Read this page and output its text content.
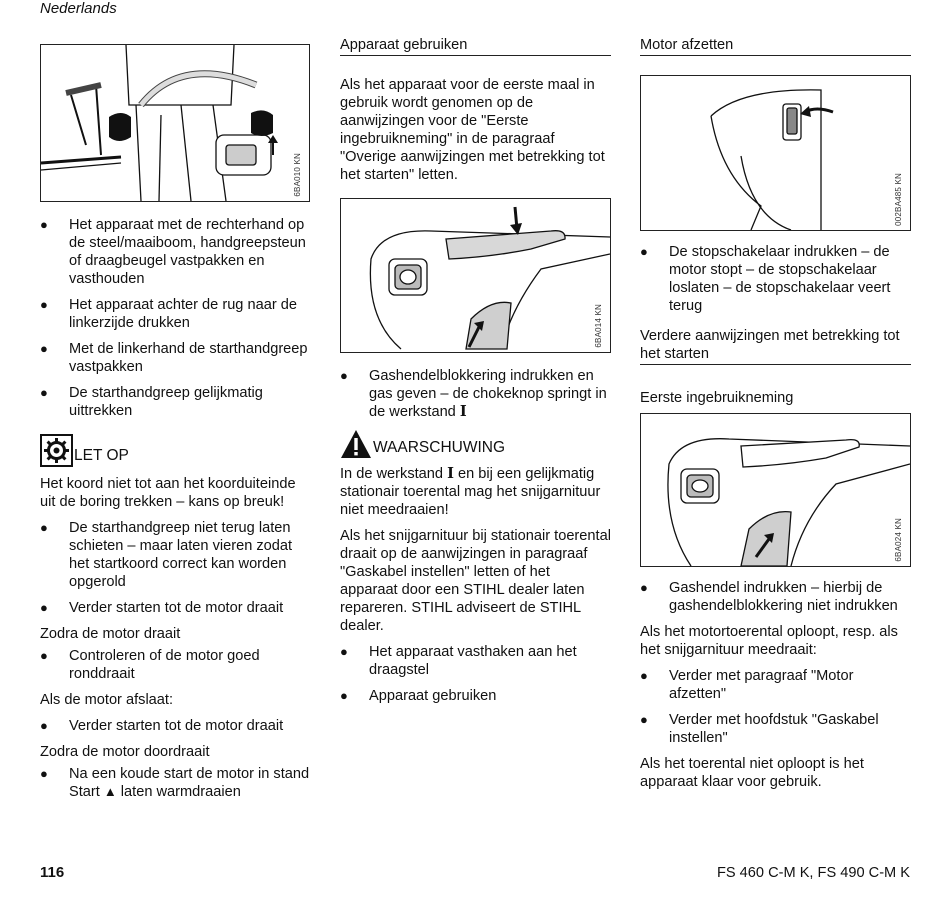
Nederlands
6BA010 KN
● Het apparaat met de rechterhand op de steel/maaiboom, handgreepsteun of draagbeugel vastpakken en vasthouden
● Het apparaat achter de rug naar de linkerzijde drukken
● Met de linkerhand de starthandgreep vastpakken
● De starthandgreep gelijkmatig uittrekken
LET OP
Het koord niet tot aan het koorduiteinde uit de boring trekken – kans op breuk!
● De starthandgreep niet terug laten schieten – maar laten vieren zodat het startkoord correct kan worden opgerold
● Verder starten tot de motor draait
Zodra de motor draait
● Controleren of de motor goed ronddraait
Als de motor afslaat:
● Verder starten tot de motor draait
Zodra de motor doordraait
● Na een koude start de motor in stand Start ▲ laten warmdraaien
Apparaat gebruiken
Als het apparaat voor de eerste maal in gebruik wordt genomen op de aanwijzingen voor de "Eerste ingebruikneming" in de paragraaf "Overige aanwijzingen met betrekking tot het starten" letten.
6BA014 KN
● Gashendelblokkering indrukken en gas geven – de chokeknop springt in de werkstand I
WAARSCHUWING
In de werkstand I en bij een gelijkmatig stationair toerental mag het snijgarnituur niet meedraaien!
Als het snijgarnituur bij stationair toerental draait op de aanwijzingen in paragraaf "Gaskabel instellen" letten of het apparaat door een STIHL dealer laten repareren. STIHL adviseert de STIHL dealer.
● Het apparaat vasthaken aan het draagstel
● Apparaat gebruiken
Motor afzetten
002BA485 KN
● De stopschakelaar indrukken – de motor stopt – de stopschakelaar loslaten – de stopschakelaar veert terug
Verdere aanwijzingen met betrekking tot het starten
Eerste ingebruikneming
6BA024 KN
● Gashendel indrukken – hierbij de gashendelblokkering niet indrukken
Als het motortoerental oploopt, resp. als het snijgarnituur meedraait:
● Verder met paragraaf "Motor afzetten"
● Verder met hoofdstuk "Gaskabel instellen"
Als het toerental niet oploopt is het apparaat klaar voor gebruik.
116	FS 460 C-M K, FS 490 C-M K
